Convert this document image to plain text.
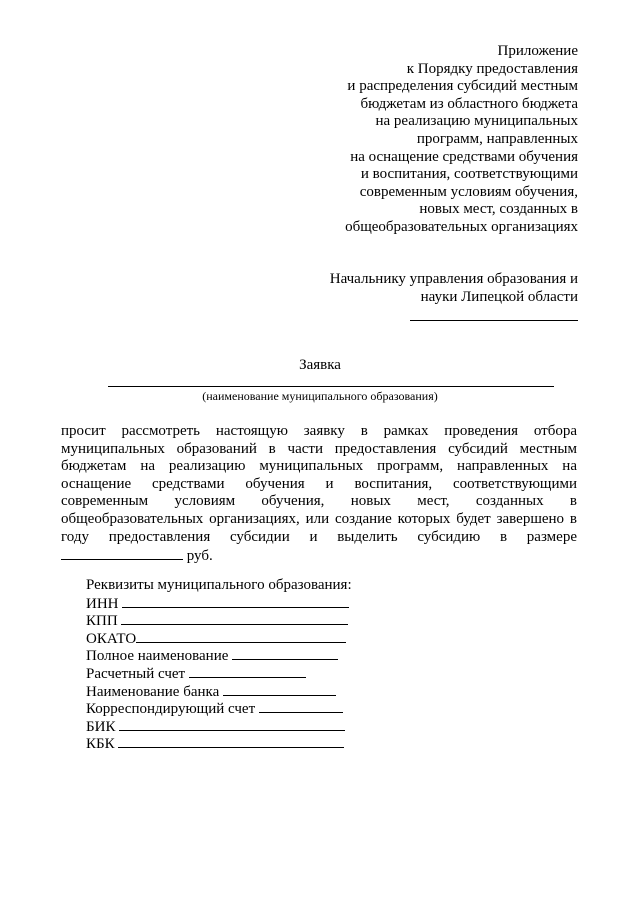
Приложение
к Порядку предоставления
и распределения субсидий местным
бюджетам из областного бюджета
на реализацию муниципальных
программ, направленных
на оснащение средствами обучения
и воспитания, соответствующими
современным условиям обучения,
новых мест, созданных в
общеобразовательных организациях
Начальнику управления образования и
науки Липецкой области
Заявка
(наименование муниципального образования)

просит рассмотреть настоящую заявку в рамках проведения отбора муниципальных образований в части предоставления субсидий местным бюджетам на реализацию муниципальных программ, направленных на оснащение средствами обучения и воспитания, соответствующими современным условиям обучения, новых мест, созданных в общеобразовательных организациях, или создание которых будет завершено в году предоставления субсидии и выделить субсидию в размере  руб.

Реквизиты муниципального образования:
ИНН
КПП
ОКАТО
Полное наименование
Расчетный счет
Наименование банка
Корреспондирующий счет
БИК
КБК
